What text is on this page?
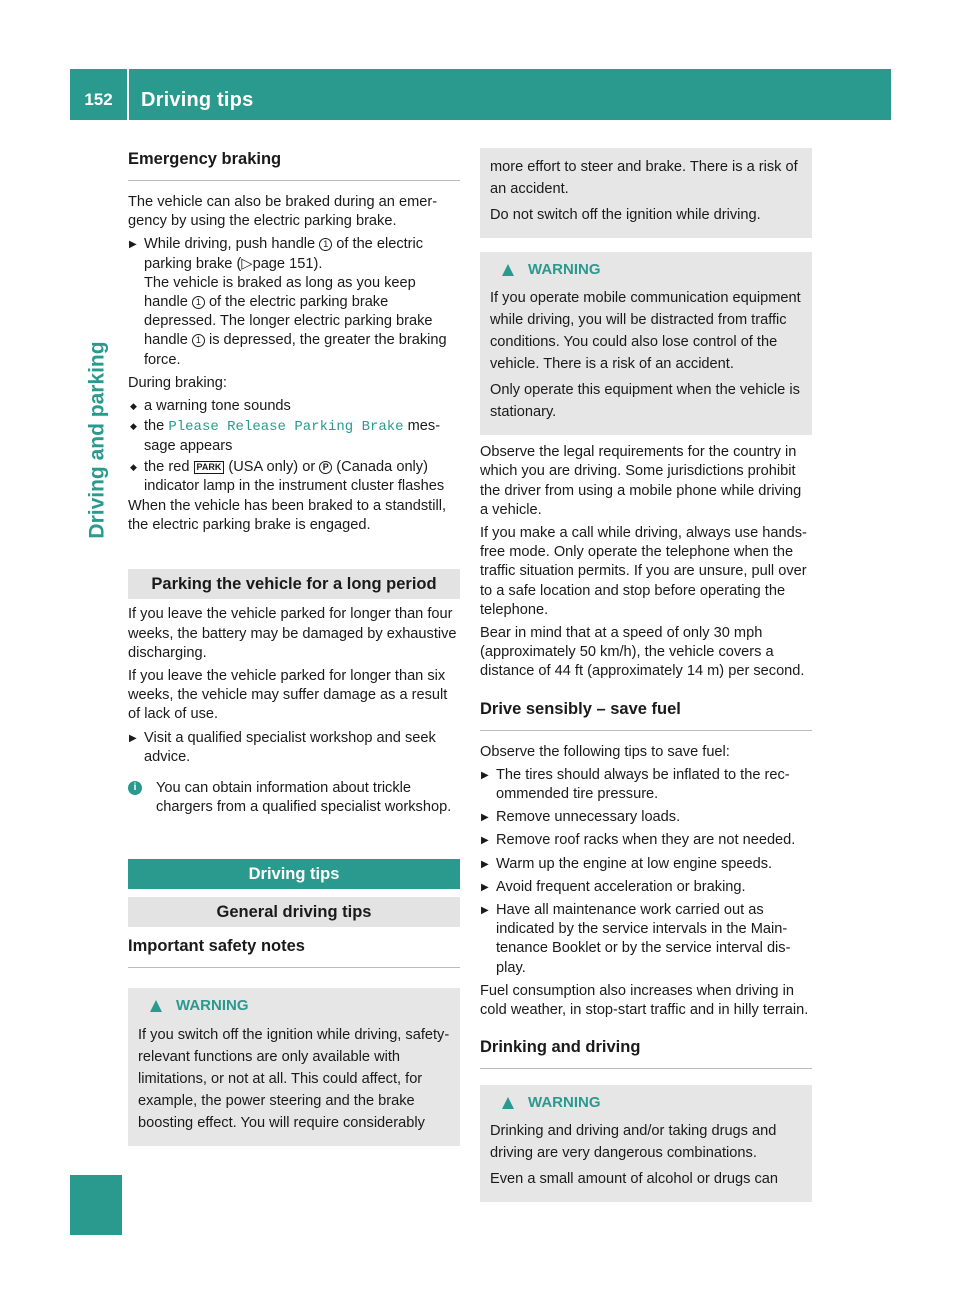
152	Driving tips
Driving and parking
Emergency braking

The vehicle can also be braked during an emergency by using the electric parking brake.

▶ While driving, push handle 1 of the electric parking brake (▷page 151).
The vehicle is braked as long as you keep handle 1 of the electric parking brake depressed. The longer electric parking brake handle 1 is depressed, the greater the braking force.

During braking:

◆ a warning tone sounds
◆ the Please Release Parking Brake message appears
◆ the red PARK (USA only) or P (Canada only) indicator lamp in the instrument cluster flashes

When the vehicle has been braked to a standstill, the electric parking brake is engaged.

Parking the vehicle for a long period

If you leave the vehicle parked for longer than four weeks, the battery may be damaged by exhaustive discharging.

If you leave the vehicle parked for longer than six weeks, the vehicle may suffer damage as a result of lack of use.

▶ Visit a qualified specialist workshop and seek advice.
i	You can obtain information about trickle chargers from a qualified specialist workshop.
Driving tips
General driving tips
Important safety notes
WARNING

If you switch off the ignition while driving, safety-relevant functions are only available with limitations, or not at all. This could affect, for example, the power steering and the brake boosting effect. You will require considerably

more effort to steer and brake. There is a risk of an accident.

Do not switch off the ignition while driving.

WARNING

If you operate mobile communication equipment while driving, you will be distracted from traffic conditions. You could also lose control of the vehicle. There is a risk of an accident.

Only operate this equipment when the vehicle is stationary.

Observe the legal requirements for the country in which you are driving. Some jurisdictions prohibit the driver from using a mobile phone while driving a vehicle.

If you make a call while driving, always use hands-free mode. Only operate the telephone when the traffic situation permits. If you are unsure, pull over to a safe location and stop before operating the telephone.

Bear in mind that at a speed of only 30 mph (approximately 50 km/h), the vehicle covers a distance of 44 ft (approximately 14 m) per second.

Drive sensibly – save fuel

Observe the following tips to save fuel:

▶ The tires should always be inflated to the recommended tire pressure.
▶ Remove unnecessary loads.
▶ Remove roof racks when they are not needed.
▶ Warm up the engine at low engine speeds.
▶ Avoid frequent acceleration or braking.
▶ Have all maintenance work carried out as indicated by the service intervals in the Maintenance Booklet or by the service interval display.

Fuel consumption also increases when driving in cold weather, in stop-start traffic and in hilly terrain.

Drinking and driving
WARNING

Drinking and driving and/or taking drugs and driving are very dangerous combinations.

Even a small amount of alcohol or drugs can
